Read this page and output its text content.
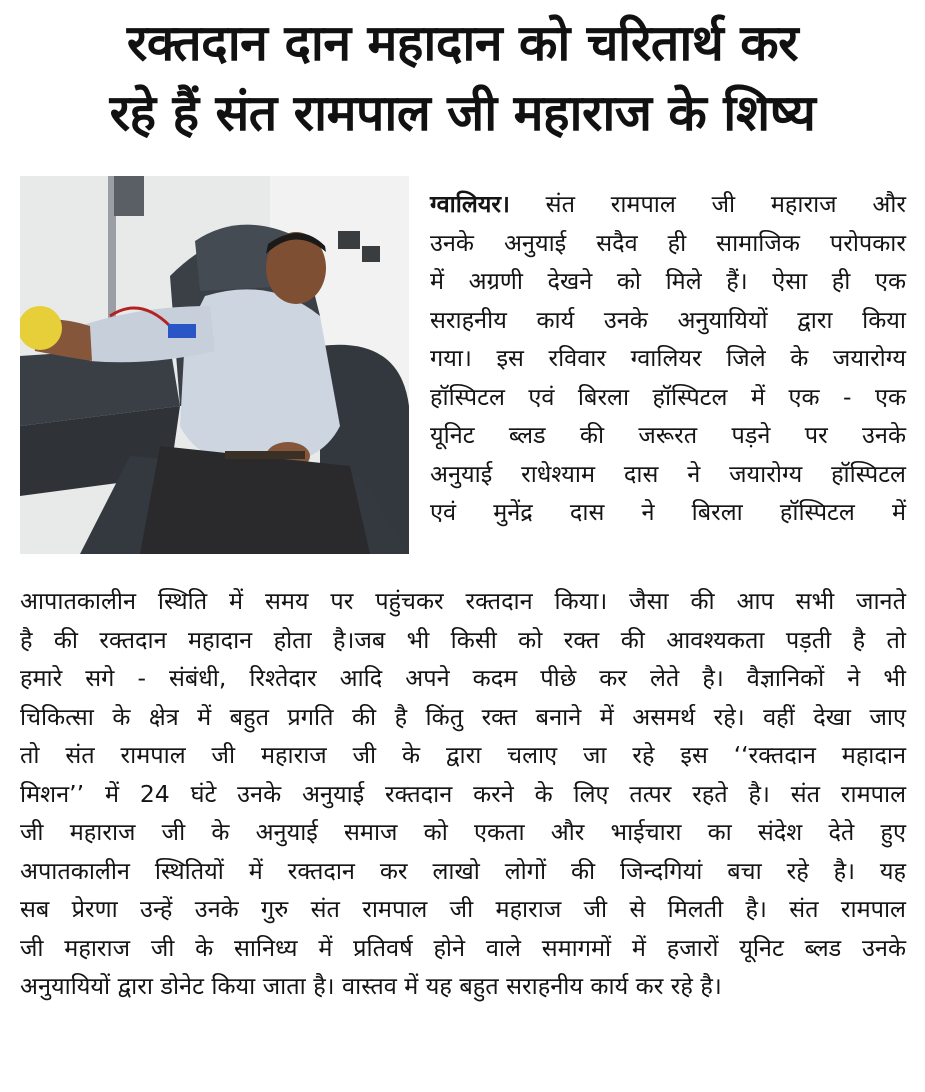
रक्तदान दान महादान को चरितार्थ कर
रहे हैं संत रामपाल जी महाराज के शिष्य
ग्वालियर। संत रामपाल जी महाराज और
उनके अनुयाई सदैव ही सामाजिक परोपकार
में अग्रणी देखने को मिले हैं। ऐसा ही एक
सराहनीय कार्य उनके अनुयायियों द्वारा किया
गया। इस रविवार ग्वालियर जिले के जयारोग्य
हॉस्पिटल एवं बिरला हॉस्पिटल में एक - एक
यूनिट ब्लड की जरूरत पड़ने पर उनके
अनुयाई राधेश्याम दास ने जयारोग्य हॉस्पिटल
एवं मुनेंद्र दास ने बिरला हॉस्पिटल में
आपातकालीन स्थिति में समय पर पहुंचकर रक्तदान किया। जैसा की आप सभी जानते
है की रक्तदान महादान होता है।जब भी किसी को रक्त की आवश्यकता पड़ती है तो
हमारे सगे - संबंधी, रिश्तेदार आदि अपने कदम पीछे कर लेते है। वैज्ञानिकों ने भी
चिकित्सा के क्षेत्र में बहुत प्रगति की है किंतु रक्त बनाने में असमर्थ रहे। वहीं देखा जाए
तो संत रामपाल जी महाराज जी के द्वारा चलाए जा रहे इस ‘‘रक्तदान महादान
मिशन’’ में 24 घंटे उनके अनुयाई रक्तदान करने के लिए तत्पर रहते है। संत रामपाल
जी महाराज जी के अनुयाई समाज को एकता और भाईचारा का संदेश देते हुए
अपातकालीन स्थितियों में रक्तदान कर लाखो लोगों की जिन्दगियां बचा रहे है। यह
सब प्रेरणा उन्हें उनके गुरु संत रामपाल जी महाराज जी से मिलती है। संत रामपाल
जी महाराज जी के सानिध्य में प्रतिवर्ष होने वाले समागमों में हजारों यूनिट ब्लड उनके
अनुयायियों द्वारा डोनेट किया जाता है। वास्तव में यह बहुत सराहनीय कार्य कर रहे है।
